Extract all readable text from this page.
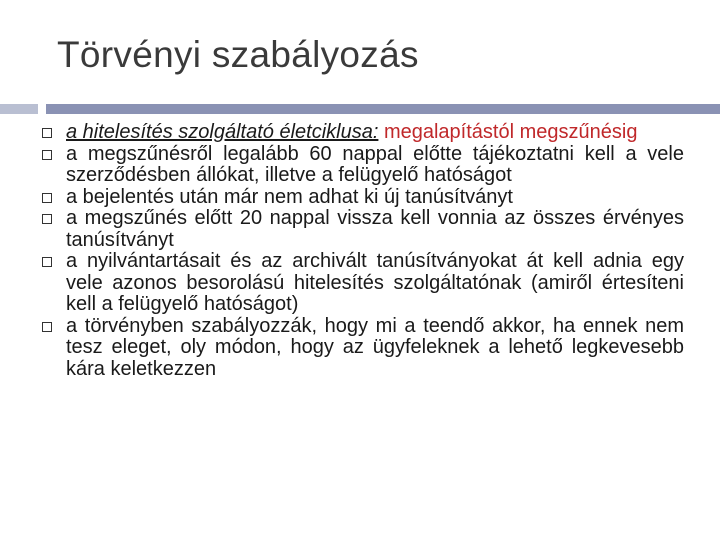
Törvényi szabályozás
a hitelesítés szolgáltató életciklusa: megalapítástól megszűnésig
a megszűnésről legalább 60 nappal előtte tájékoztatni kell a vele szerződésben állókat, illetve a felügyelő hatóságot
a bejelentés után már nem adhat ki új tanúsítványt
a megszűnés előtt 20 nappal vissza kell vonnia az összes érvényes tanúsítványt
a nyilvántartásait és az archivált tanúsítványokat át kell adnia egy vele azonos besorolású hitelesítés szolgáltatónak (amiről értesíteni kell a felügyelő hatóságot)
a törvényben szabályozzák, hogy mi a teendő akkor, ha ennek nem tesz eleget, oly módon, hogy az ügyfeleknek a lehető legkevesebb kára keletkezzen
